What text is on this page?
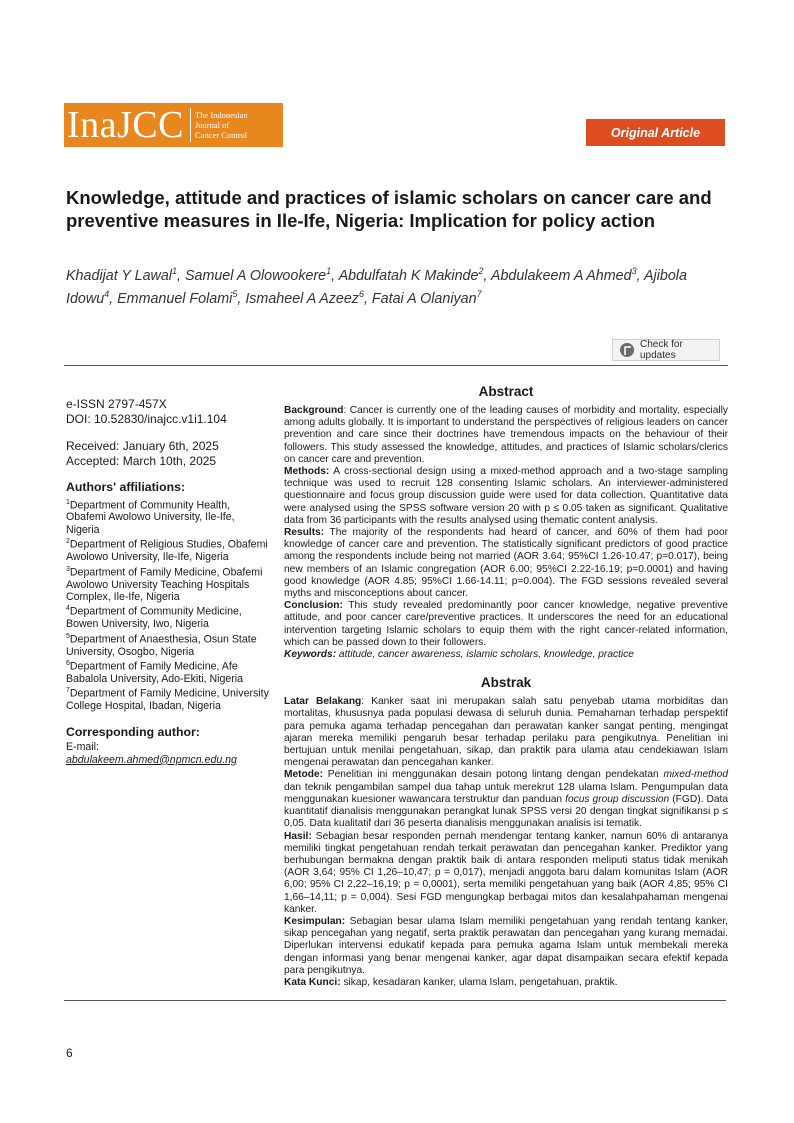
InaJCC The Indonesian
Journal of
Cancer Control	Original Article
Knowledge, attitude and practices of islamic scholars on cancer care and preventive measures in Ile-Ife, Nigeria: Implication for policy action

Khadijat Y Lawal$^1$, Samuel A Olowookere$^1$, Abdulfatah K Makinde$^2$, Abdulakeem A Ahmed$^3$, Ajibola Idowu$^4$, Emmanuel Folami$^5$, Ismaheel A Azeez$^6$, Fatai A Olaniyan$^7$

Check for updates

e-ISSN 2797-457X

DOI: 10.52830/inajcc.v1i1.104

Received: January 6th, 2025

Accepted: March 10th, 2025

Authors' affiliations:

$^1$Department of Community Health, Obafemi Awolowo University, Ile-Ife, Nigeria

$^2$Department of Religious Studies, Obafemi Awolowo University, Ile-Ife, Nigeria

$^3$Department of Family Medicine, Obafemi Awolowo University Teaching Hospitals Complex, Ile-Ife, Nigeria

$^4$Department of Community Medicine, Bowen University, Iwo, Nigeria

$^5$Department of Anaesthesia, Osun State University, Osogbo, Nigeria

$^6$Department of Family Medicine, Afe Babalola University, Ado-Ekiti, Nigeria

$^7$Department of Family Medicine, University College Hospital, Ibadan, Nigeria

Corresponding author:

E-mail:

abdulakeem.ahmed@npmcn.edu.ng

Abstract

Background: Cancer is currently one of the leading causes of morbidity and mortality, especially among adults globally. It is important to understand the perspectives of religious leaders on cancer prevention and care since their doctrines have tremendous impacts on the behaviour of their followers. This study assessed the knowledge, attitudes, and practices of Islamic scholars/clerics on cancer care and prevention.

Methods: A cross-sectional design using a mixed-method approach and a two-stage sampling technique was used to recruit 128 consenting Islamic scholars. An interviewer-administered questionnaire and focus group discussion guide were used for data collection. Quantitative data were analysed using the SPSS software version 20 with p ≤ 0.05 taken as significant. Qualitative data from 36 participants with the results analysed using thematic content analysis.

Results: The majority of the respondents had heard of cancer, and 60% of them had poor knowledge of cancer care and prevention. The statistically significant predictors of good practice among the respondents include being not married (AOR 3.64; 95%CI 1.26-10.47; p=0.017), being new members of an Islamic congregation (AOR 6.00; 95%CI 2.22-16.19; p=0.0001) and having good knowledge (AOR 4.85; 95%CI 1.66-14.11; p=0.004). The FGD sessions revealed several myths and misconceptions about cancer.

Conclusion: This study revealed predominantly poor cancer knowledge, negative preventive attitude, and poor cancer care/preventive practices. It underscores the need for an educational intervention targeting Islamic scholars to equip them with the right cancer-related information, which can be passed down to their followers.

Keywords: attitude, cancer awareness, islamic scholars, knowledge, practice

Abstrak

Latar Belakang: Kanker saat ini merupakan salah satu penyebab utama morbiditas dan mortalitas, khususnya pada populasi dewasa di seluruh dunia. Pemahaman terhadap perspektif para pemuka agama terhadap pencegahan dan perawatan kanker sangat penting, mengingat ajaran mereka memiliki pengaruh besar terhadap perilaku para pengikutnya. Penelitian ini bertujuan untuk menilai pengetahuan, sikap, dan praktik para ulama atau cendekiawan Islam mengenai perawatan dan pencegahan kanker.

Metode: Penelitian ini menggunakan desain potong lintang dengan pendekatan mixed-method dan teknik pengambilan sampel dua tahap untuk merekrut 128 ulama Islam. Pengumpulan data menggunakan kuesioner wawancara terstruktur dan panduan focus group discussion (FGD). Data kuantitatif dianalisis menggunakan perangkat lunak SPSS versi 20 dengan tingkat signifikansi p ≤ 0,05. Data kualitatif dari 36 peserta dianalisis menggunakan analisis isi tematik.

Hasil: Sebagian besar responden pernah mendengar tentang kanker, namun 60% di antaranya memiliki tingkat pengetahuan rendah terkait perawatan dan pencegahan kanker. Prediktor yang berhubungan bermakna dengan praktik baik di antara responden meliputi status tidak menikah (AOR 3,64; 95% CI 1,26–10,47; p = 0,017), menjadi anggota baru dalam komunitas Islam (AOR 6,00; 95% CI 2,22–16,19; p = 0,0001), serta memiliki pengetahuan yang baik (AOR 4,85; 95% CI 1,66–14,11; p = 0,004). Sesi FGD mengungkap berbagai mitos dan kesalahpahaman mengenai kanker.

Kesimpulan: Sebagian besar ulama Islam memiliki pengetahuan yang rendah tentang kanker, sikap pencegahan yang negatif, serta praktik perawatan dan pencegahan yang kurang memadai. Diperlukan intervensi edukatif kepada para pemuka agama Islam untuk membekali mereka dengan informasi yang benar mengenai kanker, agar dapat disampaikan secara efektif kepada para pengikutnya.

Kata Kunci: sikap, kesadaran kanker, ulama Islam, pengetahuan, praktik.

6
